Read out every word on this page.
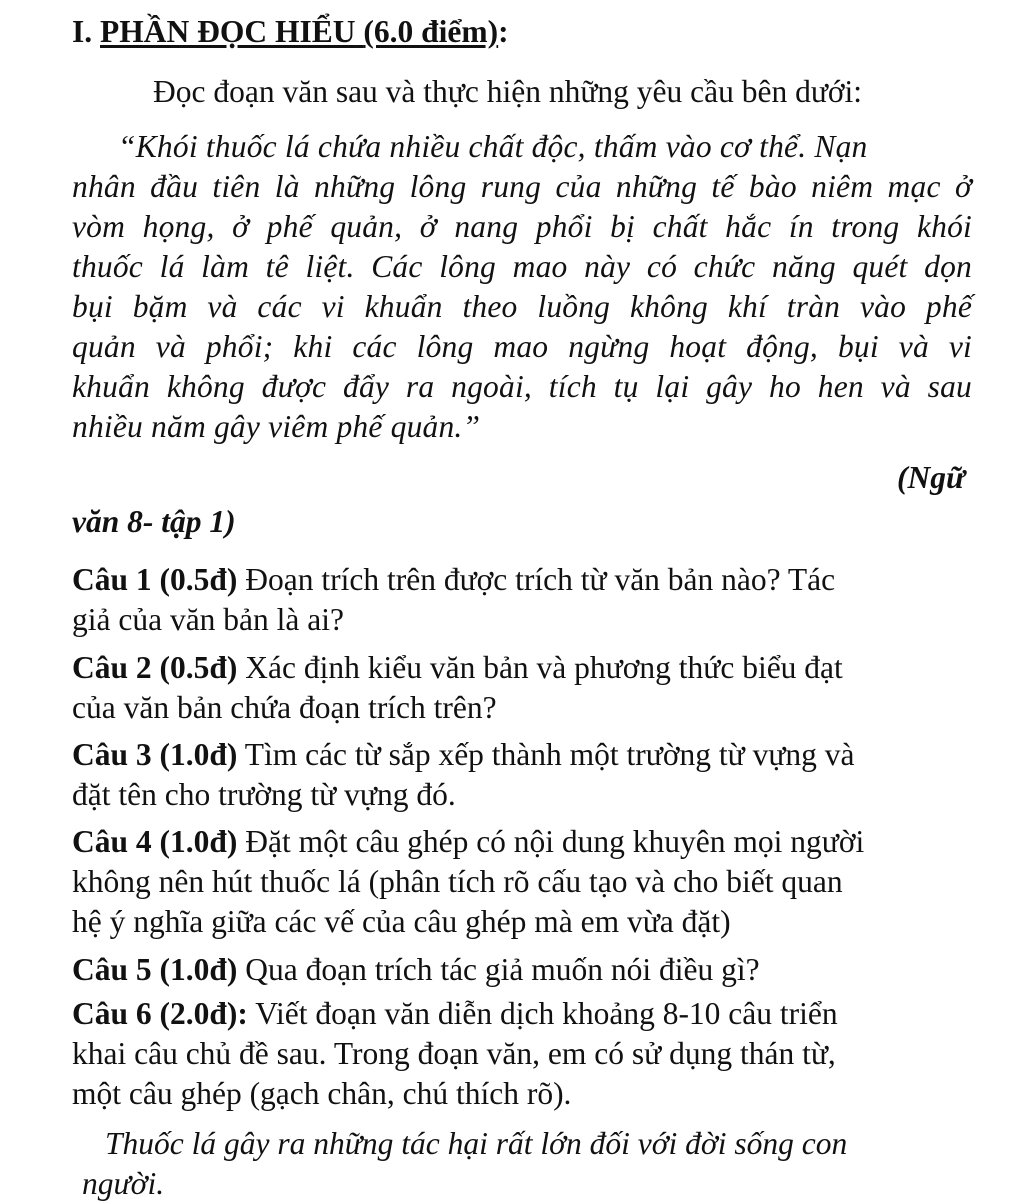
I. PHẦN ĐỌC HIỂU (6.0 điểm):
Đọc đoạn văn sau và thực hiện những yêu cầu bên dưới:
“Khói thuốc lá chứa nhiều chất độc, thấm vào cơ thể. Nạn
nhân đầu tiên là những lông rung của những tế bào niêm mạc ở
vòm họng, ở phế quản, ở nang phổi bị chất hắc ín trong khói
thuốc lá làm tê liệt. Các lông mao này có chức năng quét dọn
bụi bặm và các vi khuẩn theo luồng không khí tràn vào phế
quản và phổi; khi các lông mao ngừng hoạt động, bụi và vi
khuẩn không được đẩy ra ngoài, tích tụ lại gây ho hen và sau
nhiều năm gây viêm phế quản.”
(Ngữ
văn 8- tập 1)
Câu 1 (0.5đ) Đoạn trích trên được trích từ văn bản nào? Tác
giả của văn bản là ai?
Câu 2 (0.5đ) Xác định kiểu văn bản và phương thức biểu đạt
của văn bản chứa đoạn trích trên?
Câu 3 (1.0đ) Tìm các từ sắp xếp thành một trường từ vựng và
đặt tên cho trường từ vựng đó.
Câu 4 (1.0đ) Đặt một câu ghép có nội dung khuyên mọi người
không nên hút thuốc lá (phân tích rõ cấu tạo và cho biết quan
hệ ý nghĩa giữa các vế của câu ghép mà em vừa đặt)
Câu 5 (1.0đ) Qua đoạn trích tác giả muốn nói điều gì?
Câu 6 (2.0đ): Viết đoạn văn diễn dịch khoảng 8-10 câu triển
khai câu chủ đề sau. Trong đoạn văn, em có sử dụng thán từ,
một câu ghép (gạch chân, chú thích rõ).
Thuốc lá gây ra những tác hại rất lớn đối với đời sống con
người.
